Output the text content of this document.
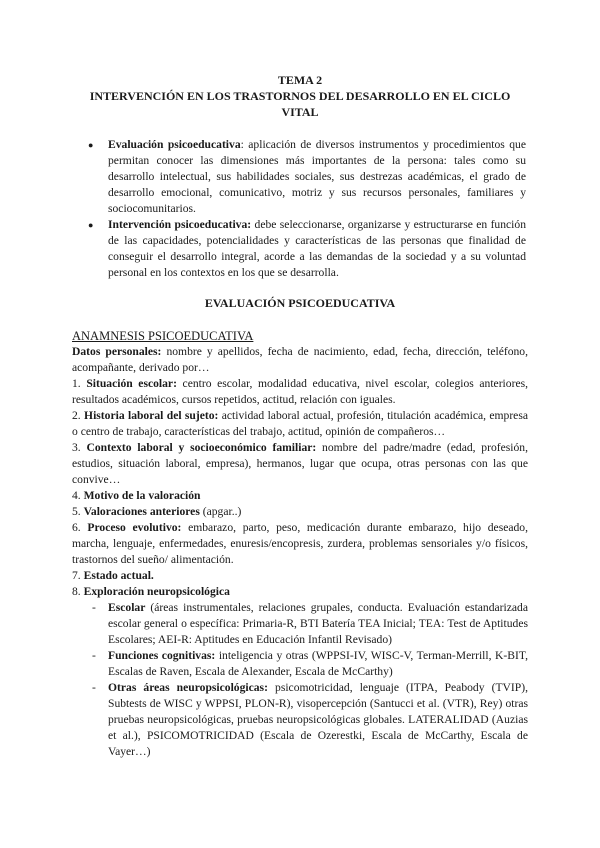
TEMA 2
INTERVENCIÓN EN LOS TRASTORNOS DEL DESARROLLO EN EL CICLO
VITAL
● Evaluación psicoeducativa: aplicación de diversos instrumentos y procedimientos que permitan conocer las dimensiones más importantes de la persona: tales como su desarrollo intelectual, sus habilidades sociales, sus destrezas académicas, el grado de desarrollo emocional, comunicativo, motriz y sus recursos personales, familiares y sociocomunitarios.
● Intervención psicoeducativa: debe seleccionarse, organizarse y estructurarse en función de las capacidades, potencialidades y características de las personas que finalidad de conseguir el desarrollo integral, acorde a las demandas de la sociedad y a su voluntad personal en los contextos en los que se desarrolla.
EVALUACIÓN PSICOEDUCATIVA
ANAMNESIS PSICOEDUCATIVA
Datos personales: nombre y apellidos, fecha de nacimiento, edad, fecha, dirección, teléfono, acompañante, derivado por…
1. Situación escolar: centro escolar, modalidad educativa, nivel escolar, colegios anteriores, resultados académicos, cursos repetidos, actitud, relación con iguales.
2. Historia laboral del sujeto: actividad laboral actual, profesión, titulación académica, empresa o centro de trabajo, características del trabajo, actitud, opinión de compañeros…
3. Contexto laboral y socioeconómico familiar: nombre del padre/madre (edad, profesión, estudios, situación laboral, empresa), hermanos, lugar que ocupa, otras personas con las que convive…
4. Motivo de la valoración
5. Valoraciones anteriores (apgar..)
6. Proceso evolutivo: embarazo, parto, peso, medicación durante embarazo, hijo deseado, marcha, lenguaje, enfermedades, enuresis/encopresis, zurdera, problemas sensoriales y/o físicos, trastornos del sueño/ alimentación.
7. Estado actual.
8. Exploración neuropsicológica
- Escolar (áreas instrumentales, relaciones grupales, conducta. Evaluación estandarizada escolar general o específica: Primaria-R, BTI Batería TEA Inicial; TEA: Test de Aptitudes Escolares; AEI-R: Aptitudes en Educación Infantil Revisado)
- Funciones cognitivas: inteligencia y otras (WPPSI-IV, WISC-V, Terman-Merrill, K-BIT, Escalas de Raven, Escala de Alexander, Escala de McCarthy)
- Otras áreas neuropsicológicas: psicomotricidad, lenguaje (ITPA, Peabody (TVIP), Subtests de WISC y WPPSI, PLON-R), visopercepción (Santucci et al. (VTR), Rey) otras pruebas neuropsicológicas, pruebas neuropsicológicas globales. LATERALIDAD (Auzias et al.), PSICOMOTRICIDAD (Escala de Ozerestki, Escala de McCarthy, Escala de Vayer…)
